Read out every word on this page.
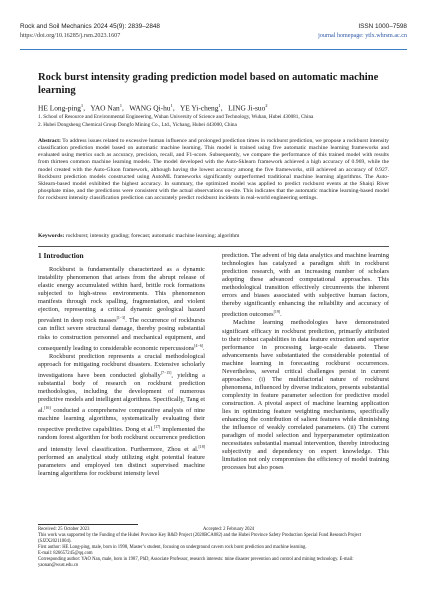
Rock and Soil Mechanics 2024 45(9): 2839–2848
https://doi.org/10.16285/j.rsm.2023.1607
ISSN 1000–7598
journal homepage: ytlx.whrsm.ac.cn
Rock burst intensity grading prediction model based on automatic machine learning
HE Long-ping$^1$,   YAO Nan$^1$,   WANG $Qi-hu^1$,   YE Yi-cheng$^1$,   LING Ji-suo$^2$
1. School of Resource and Environmental Engineering, Wuhan University of Science and Technology, Wuhan, Hubei 430081, China
2. Hubei Dongsheng Chemical Group Dongfo Mining Co., Ltd., Yichang, Hubei 443000, China
Abstract: To address issues related to excessive human influence and prolonged prediction times in rockburst prediction, we propose a rockburst intensity classification prediction model based on automatic machine learning. This model is trained using five automatic machine learning frameworks and evaluated using metrics such as accuracy, precision, recall, and F1-score. Subsequently, we compare the performance of this trained model with results from thirteen common machine learning models. The model developed with the Auto-Sklearn framework achieved a high accuracy of 0.969, while the model created with the Auto-Gluon framework, although having the lowest accuracy among the five frameworks, still achieved an accuracy of 0.927. Rockburst prediction models constructed using AutoML frameworks significantly outperformed traditional machine learning algorithms. The Auto-Sklearn-based model exhibited the highest accuracy. In summary, the optimized model was applied to predict rockburst events at the Shaiqi River phosphate mine, and the predictions were consistent with the actual observations on-site. This indicates that the automatic machine learning-based model for rockburst intensity classification prediction can accurately predict rockburst incidents in real-world engineering settings.
Keywords: rockburst; intensity grading; forecast; automatic machine learning; algorithm
1 Introduction

Rockburst is fundamentally characterized as a dynamic instability phenomenon that arises from the abrupt release of elastic energy accumulated within hard, brittle rock formations subjected to high-stress environments. This phenomenon manifests through rock spalling, fragmentation, and violent ejection, representing a critical dynamic geological hazard prevalent in deep rock masses[1−3]. The occurrence of rockbursts can inflict severe structural damage, thereby posing substantial risks to construction personnel and mechanical equipment, and consequently leading to considerable economic repercussions[4−6].

Rockburst prediction represents a crucial methodological approach for mitigating rockburst disasters. Extensive scholarly investigations have been conducted globally[7−15], yielding a substantial body of research on rockburst prediction methodologies, including the development of numerous predictive models and intelligent algorithms. Specifically, Tang et al.[16] conducted a comprehensive comparative analysis of nine machine learning algorithms, systematically evaluating their respective predictive capabilities. Dong et al.[17] implemented the random forest algorithm for both rockburst occurrence prediction and intensity level classification. Furthermore, Zhou et al.[18] performed an analytical study utilizing eight potential feature parameters and employed ten distinct supervised machine learning algorithms for rockburst intensity level

prediction. The advent of big data analytics and machine learning technologies has catalyzed a paradigm shift in rockburst prediction research, with an increasing number of scholars adopting these advanced computational approaches. This methodological transition effectively circumvents the inherent errors and biases associated with subjective human factors, thereby significantly enhancing the reliability and accuracy of prediction outcomes[19].

Machine learning methodologies have demonstrated significant efficacy in rockburst prediction, primarily attributed to their robust capabilities in data feature extraction and superior performance in processing large-scale datasets. These advancements have substantiated the considerable potential of machine learning in forecasting rockburst occurrences. Nevertheless, several critical challenges persist in current approaches: (i) The multifactorial nature of rockburst phenomena, influenced by diverse indicators, presents substantial complexity in feature parameter selection for predictive model construction. A pivotal aspect of machine learning application lies in optimizing feature weighting mechanisms, specifically enhancing the contribution of salient features while diminishing the influence of weakly correlated parameters. (ii) The current paradigm of model selection and hyperparameter optimization necessitates substantial manual intervention, thereby introducing subjectivity and dependency on expert knowledge. This limitation not only compromises the efficiency of model training processes but also poses

Received: 25 October 2023	Accepted: 2 February 2024
This work was supported by the Funding of the Hubei Province Key R&D Project (2020BCA082) and the Hubei Province Safety Production Special Fund Research Project (SJZX20211004).
First author: HE Long-ping, male, born in 1998, Master’s student, focusing on underground cavern rock burst prediction and machine learning.
E-mail: 826657245@qq.com
Corresponding author: YAO Nan, male, born in 1987, PhD, Associate Professor, research interests: mine disaster prevention and control and mining technology. E-mail: yaonan@wust.edu.cn
